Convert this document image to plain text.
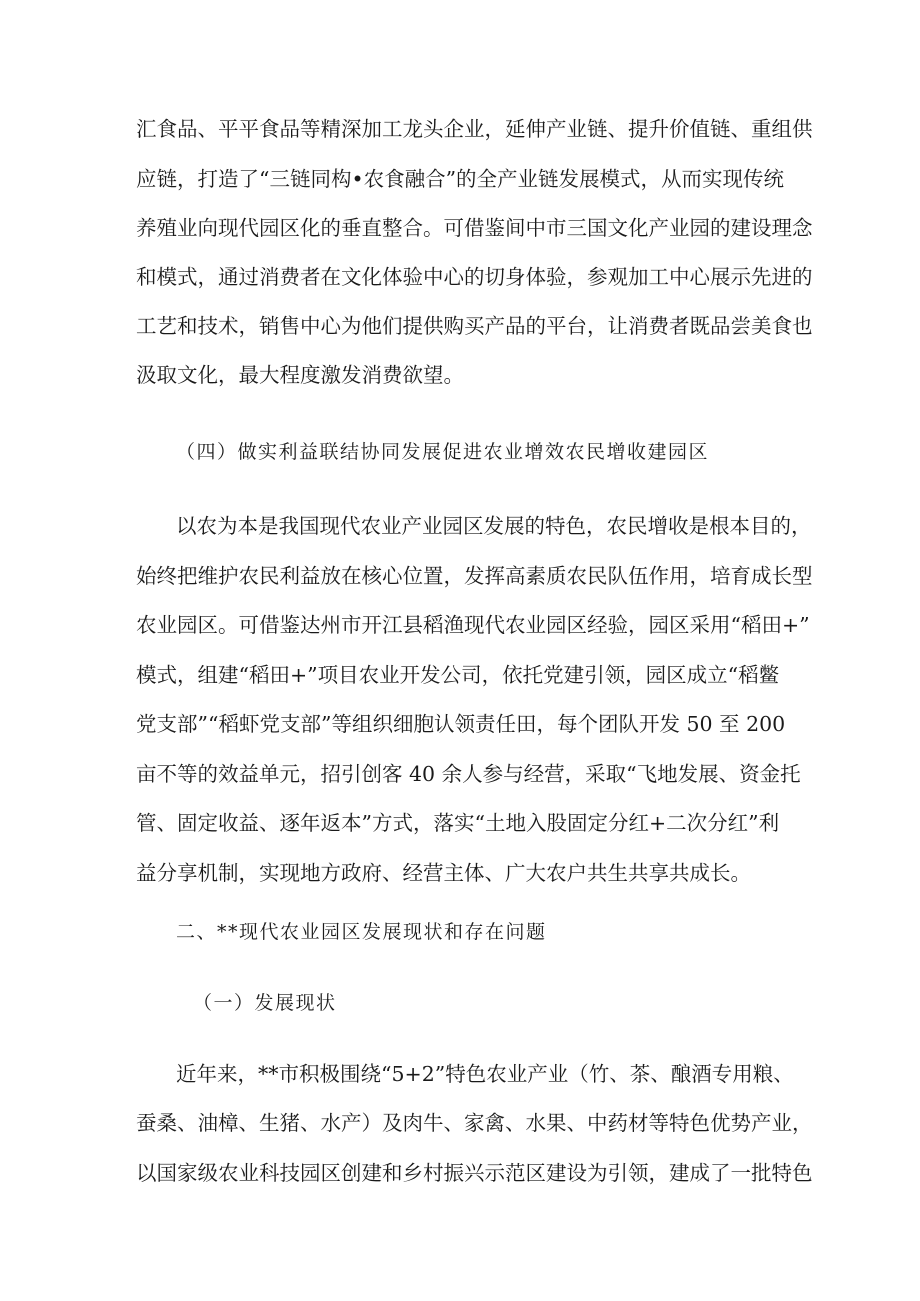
汇食品、平平食品等精深加工龙头企业，延伸产业链、提升价值链、重组供
应链，打造了“三链同构•农食融合”的全产业链发展模式，从而实现传统
养殖业向现代园区化的垂直整合。可借鉴间中市三国文化产业园的建设理念
和模式，通过消费者在文化体验中心的切身体验，参观加工中心展示先进的
工艺和技术，销售中心为他们提供购买产品的平台，让消费者既品尝美食也
汲取文化，最大程度激发消费欲望。
（四）做实利益联结协同发展促进农业增效农民增收建园区
以农为本是我国现代农业产业园区发展的特色，农民增收是根本目的，
始终把维护农民利益放在核心位置，发挥高素质农民队伍作用，培育成长型
农业园区。可借鉴达州市开江县稻渔现代农业园区经验，园区采用“稻田+”
模式，组建“稻田+”项目农业开发公司，依托党建引领，园区成立“稻鳖
党支部”“稻虾党支部”等组织细胞认领责任田，每个团队开发 50 至 200
亩不等的效益单元，招引创客 40 余人参与经营，采取“飞地发展、资金托
管、固定收益、逐年返本”方式，落实“土地入股固定分红+二次分红”利
益分享机制，实现地方政府、经营主体、广大农户共生共享共成长。
二、**现代农业园区发展现状和存在问题
（一）发展现状
近年来，**市积极围绕“5+2”特色农业产业（竹、茶、酿酒专用粮、
蚕桑、油樟、生猪、水产）及肉牛、家禽、水果、中药材等特色优势产业，
以国家级农业科技园区创建和乡村振兴示范区建设为引领，建成了一批特色
